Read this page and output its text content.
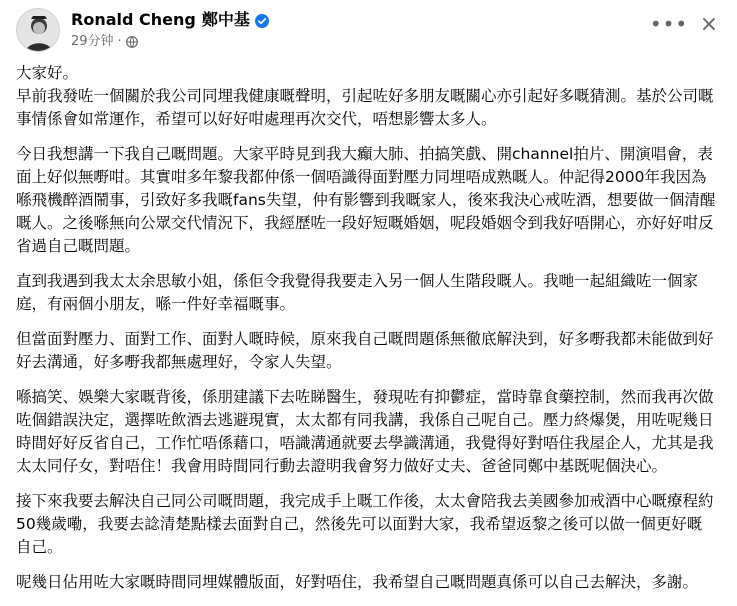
Ronald Cheng 鄭中基
29分钟 ·
••• ×

大家好。

早前我發咗一個關於我公司同埋我健康嘅聲明，引起咗好多朋友嘅關心亦引起好多嘅猜測。基於公司嘅事情係會如常運作，希望可以好好咁處理再次交代，唔想影響太多人。

今日我想講一下我自己嘅問題。大家平時見到我大癲大肺、拍搞笑戲、開channel拍片、開演唱會，表面上好似無嘢咁。其實咁多年黎我都仲係一個唔識得面對壓力同埋唔成熟嘅人。仲記得2000年我因為喺飛機醉酒鬧事，引致好多我嘅fans失望，仲有影響到我嘅家人，後來我決心戒咗酒，想要做一個清醒嘅人。之後喺無向公眾交代情況下，我經歷咗一段好短嘅婚姻，呢段婚姻令到我好唔開心，亦好好咁反省過自己嘅問題。

直到我遇到我太太余思敏小姐，係佢令我覺得我要走入另一個人生階段嘅人。我哋一起組織咗一個家庭，有兩個小朋友，喺一件好幸福嘅事。

但當面對壓力、面對工作、面對人嘅時候，原來我自己嘅問題係無徹底解決到，好多嘢我都未能做到好好去溝通，好多嘢我都無處理好，令家人失望。

喺搞笑、娛樂大家嘅背後，係朋建議下去咗睇醫生，發現咗有抑鬱症，當時靠食藥控制，然而我再次做咗個錯誤決定，選擇咗飲酒去逃避現實，太太都有同我講，我係自己呢自己。壓力終爆煲，用咗呢幾日時間好好反省自己，工作忙唔係藉口，唔識溝通就要去學識溝通，我覺得好對唔住我屋企人，尤其是我太太同仔女，對唔住！我會用時間同行動去證明我會努力做好丈夫、爸爸同鄭中基既呢個決心。

接下來我要去解決自己同公司嘅問題，我完成手上嘅工作後，太太會陪我去美國參加戒酒中心嘅療程約50幾歲嘞，我要去諗清楚點樣去面對自己，然後先可以面對大家，我希望返黎之後可以做一個更好嘅自己。

呢幾日佔用咗大家嘅時間同埋媒體版面，好對唔住，我希望自己嘅問題真係可以自己去解決，多謝。
